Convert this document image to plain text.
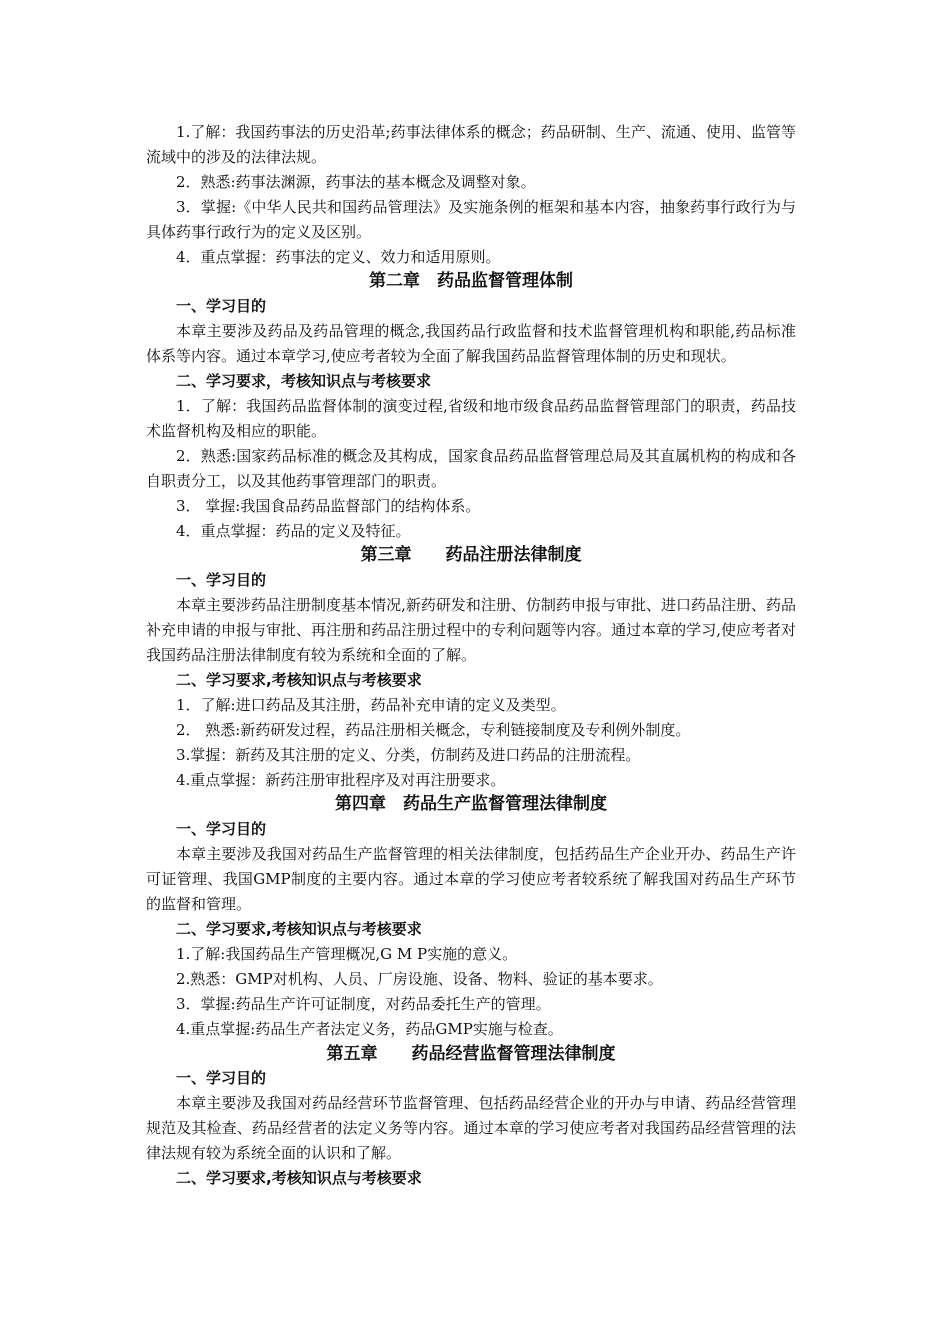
1.了解：我国药事法的历史沿革;药事法律体系的概念；药品研制、生产、流通、使用、监管等流域中的涉及的法律法规。

2．熟悉:药事法渊源，药事法的基本概念及调整对象。

3．掌握:《中华人民共和国药品管理法》及实施条例的框架和基本内容，抽象药事行政行为与具体药事行政行为的定义及区别。

4．重点掌握：药事法的定义、效力和适用原则。

第二章　药品监督管理体制

一、学习目的

本章主要涉及药品及药品管理的概念,我国药品行政监督和技术监督管理机构和职能,药品标准体系等内容。通过本章学习,使应考者较为全面了解我国药品监督管理体制的历史和现状。

二、学习要求，考核知识点与考核要求

1．了解：我国药品监督体制的演变过程,省级和地市级食品药品监督管理部门的职责，药品技术监督机构及相应的职能。

2．熟悉:国家药品标准的概念及其构成，国家食品药品监督管理总局及其直属机构的构成和各自职责分工，以及其他药事管理部门的职责。

3． 掌握:我国食品药品监督部门的结构体系。

4．重点掌握：药品的定义及特征。

第三章　　药品注册法律制度

一、学习目的

本章主要涉药品注册制度基本情况,新药研发和注册、仿制药申报与审批、进口药品注册、药品补充申请的申报与审批、再注册和药品注册过程中的专利问题等内容。通过本章的学习,使应考者对我国药品注册法律制度有较为系统和全面的了解。

二、学习要求,考核知识点与考核要求

1．了解:进口药品及其注册，药品补充申请的定义及类型。

2． 熟悉:新药研发过程，药品注册相关概念，专利链接制度及专利例外制度。

3.掌握：新药及其注册的定义、分类，仿制药及进口药品的注册流程。

4.重点掌握：新药注册审批程序及对再注册要求。

第四章　药品生产监督管理法律制度

一、学习目的

本章主要涉及我国对药品生产监督管理的相关法律制度，包括药品生产企业开办、药品生产许可证管理、我国GMP制度的主要内容。通过本章的学习使应考者较系统了解我国对药品生产环节的监督和管理。

二、学习要求,考核知识点与考核要求

1.了解:我国药品生产管理概况,G M P实施的意义。

2.熟悉：GMP对机构、人员、厂房设施、设备、物料、验证的基本要求。

3．掌握:药品生产许可证制度，对药品委托生产的管理。

4.重点掌握:药品生产者法定义务，药品GMP实施与检查。

第五章　　药品经营监督管理法律制度

一、学习目的

本章主要涉及我国对药品经营环节监督管理、包括药品经营企业的开办与申请、药品经营管理规范及其检查、药品经营者的法定义务等内容。通过本章的学习使应考者对我国药品经营管理的法律法规有较为系统全面的认识和了解。

二、学习要求,考核知识点与考核要求
